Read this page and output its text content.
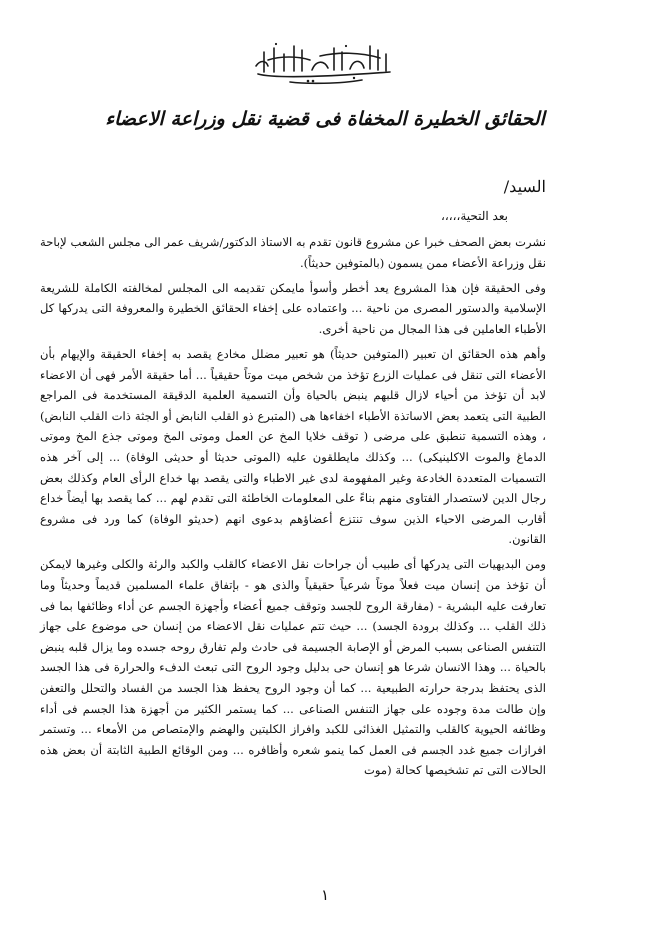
الحقائق الخطيرة المخفاة فى قضية نقل وزراعة الاعضاء
السيد/
بعد التحية،،،،،

نشرت بعض الصحف خبرا عن مشروع قانون تقدم به الاستاذ الدكتور/شريف عمر الى مجلس الشعب لإباحة نقل وزراعة الأعضاء ممن يسمون (بالمتوفين حديثاً).

وفى الحقيقة فإن هذا المشروع يعد أخطر وأسوأ مايمكن تقديمه الى المجلس لمخالفته الكاملة للشريعة الإسلامية والدستور المصرى من ناحية ... واعتماده على إخفاء الحقائق الخطيرة والمعروفة التى يدركها كل الأطباء العاملين فى هذا المجال من ناحية أخرى.

وأهم هذه الحقائق ان تعبير (المتوفين حديثاً) هو تعبير مضلل مخادع يقصد به إخفاء الحقيقة والإيهام بأن الأعضاء التى تنقل فى عمليات الزرع تؤخذ من شخص ميت موتاً حقيقياً ... أما حقيقة الأمر فهى أن الاعضاء لابد أن تؤخذ من أحياء لازال قلبهم ينبض بالحياة وأن التسمية العلمية الدقيقة المستخدمة فى المراجع الطبية التى يتعمد بعض الاساتذة الأطباء اخفاءها هى (المتبرع ذو القلب النابض أو الجثة ذات القلب النابض) ، وهذه التسمية تنطبق على مرضى ( توقف خلايا المخ عن العمل وموتى المخ وموتى جذع المخ وموتى الدماغ والموت الاكلينيكى) ... وكذلك مايطلقون عليه (الموتى حديثا أو حديثى الوفاة) ... إلى آخر هذه التسميات المتعددة الخادعة وغير المفهومة لدى غير الاطباء والتى يقصد بها خداع الرأى العام وكذلك بعض رجال الدين لاستصدار الفتاوى منهم بناءً على المعلومات الخاطئة التى تقدم لهم ... كما يقصد بها أيضاً خداع أقارب المرضى الاحياء الذين سوف تنتزع أعضاؤهم بدعوى انهم (حديثو الوفاة) كما ورد فى مشروع القانون.

ومن البديهيات التى يدركها أى طبيب أن جراحات نقل الاعضاء كالقلب والكبد والرئة والكلى وغيرها لايمكن أن تؤخذ من إنسان ميت فعلاً موتاً شرعياً حقيقياً والذى هو - بإتفاق علماء المسلمين قديماً وحديثاً وما تعارفت عليه البشرية - (مفارقة الروح للجسد وتوقف جميع أعضاء وأجهزة الجسم عن أداء وظائفها بما فى ذلك القلب ... وكذلك برودة الجسد) ... حيث تتم عمليات نقل الاعضاء من إنسان حى موضوع على جهاز التنفس الصناعى بسبب المرض أو الإصابة الجسيمة فى حادث ولم تفارق روحه جسده وما يزال قلبه ينبض بالحياة ... وهذا الانسان شرعا هو إنسان حى بدليل وجود الروح التى تبعث الدفء والحرارة فى هذا الجسد الذى يحتفظ بدرجة حرارته الطبيعية ... كما أن وجود الروح يحفظ هذا الجسد من الفساد والتحلل والتعفن وإن طالت مدة وجوده على جهاز التنفس الصناعى ... كما يستمر الكثير من أجهزة هذا الجسم فى أداء وظائفه الحيوية كالقلب والتمثيل الغذائى للكبد وافراز الكليتين والهضم والإمتصاص من الأمعاء ... وتستمر افرازات جميع غدد الجسم فى العمل كما ينمو شعره وأظافره ... ومن الوقائع الطبية الثابتة أن بعض هذه الحالات التى تم تشخيصها كحالة (موت

١
